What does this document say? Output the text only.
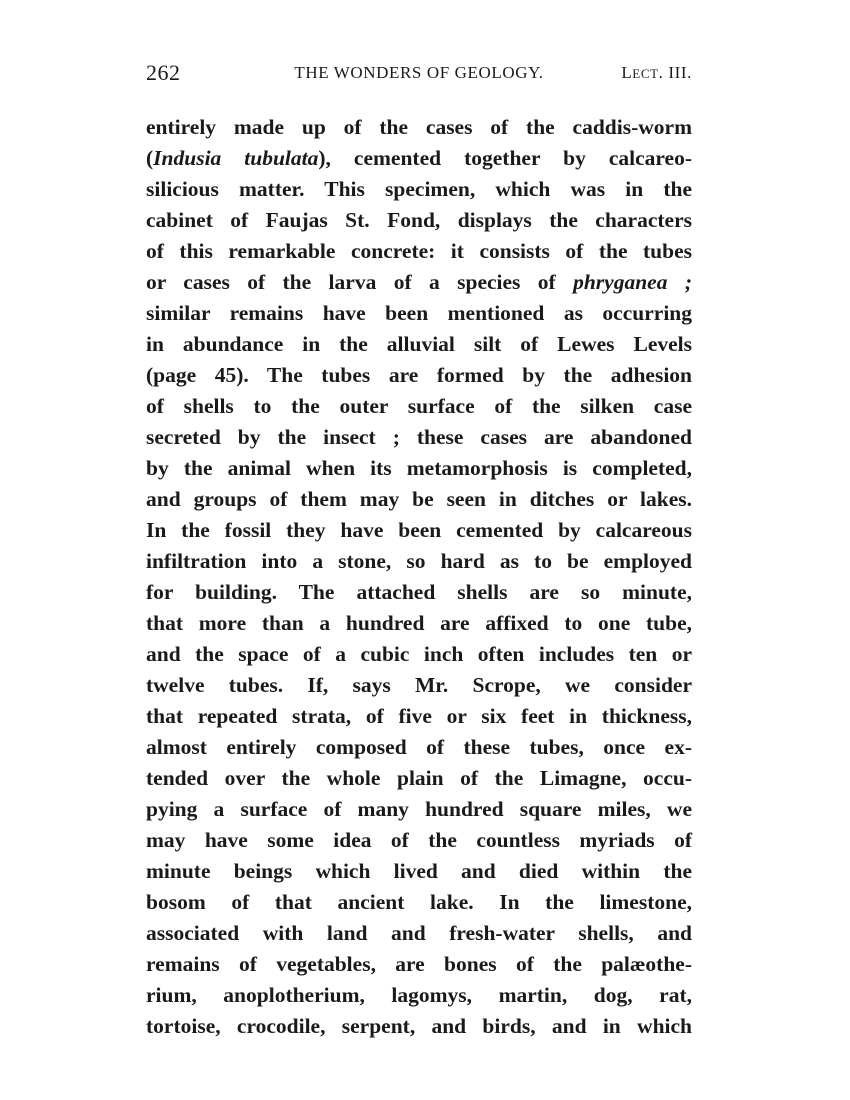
262	THE WONDERS OF GEOLOGY.	LECT. III.
entirely made up of the cases of the caddis-worm
(Indusia tubulata), cemented together by calcareo-
silicious matter. This specimen, which was in the
cabinet of Faujas St. Fond, displays the characters
of this remarkable concrete: it consists of the tubes
or cases of the larva of a species of phryganea ;
similar remains have been mentioned as occurring
in abundance in the alluvial silt of Lewes Levels
(page 45). The tubes are formed by the adhesion
of shells to the outer surface of the silken case
secreted by the insect ; these cases are abandoned
by the animal when its metamorphosis is completed,
and groups of them may be seen in ditches or lakes.
In the fossil they have been cemented by calcareous
infiltration into a stone, so hard as to be employed
for building. The attached shells are so minute,
that more than a hundred are affixed to one tube,
and the space of a cubic inch often includes ten or
twelve tubes. If, says Mr. Scrope, we consider
that repeated strata, of five or six feet in thickness,
almost entirely composed of these tubes, once ex-
tended over the whole plain of the Limagne, occu-
pying a surface of many hundred square miles, we
may have some idea of the countless myriads of
minute beings which lived and died within the
bosom of that ancient lake. In the limestone,
associated with land and fresh-water shells, and
remains of vegetables, are bones of the palæothe-
rium, anoplotherium, lagomys, martin, dog, rat,
tortoise, crocodile, serpent, and birds, and in which
